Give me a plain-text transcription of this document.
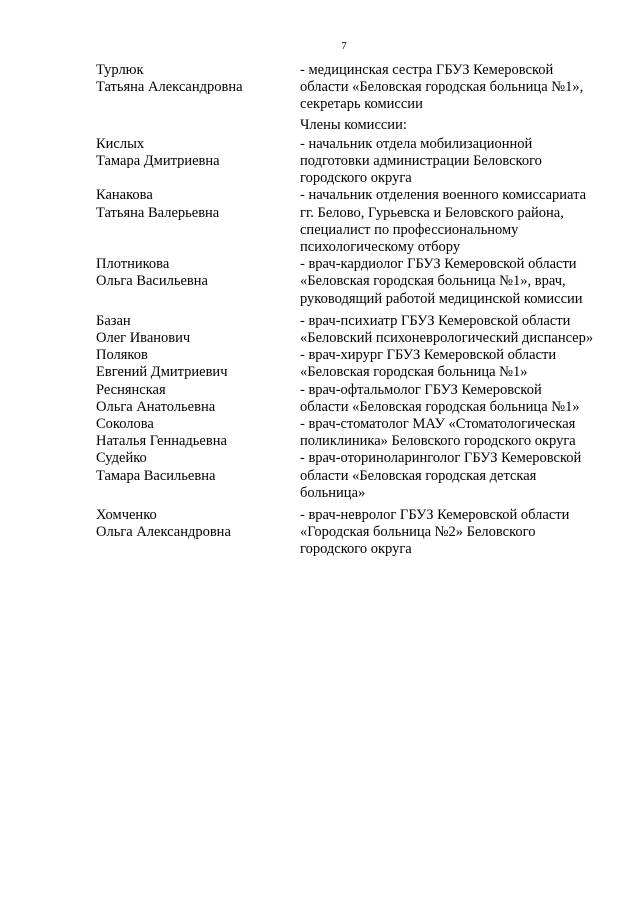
7
Турлюк
Татьяна Александровна
- медицинская сестра ГБУЗ Кемеровской
области «Беловская городская больница №1»,
секретарь комиссии
Члены комиссии:
Кислых
Тамара Дмитриевна
- начальник отдела мобилизационной
подготовки администрации Беловского
городского округа
Канакова
Татьяна Валерьевна
- начальник отделения военного комиссариата
гг. Белово, Гурьевска и Беловского района,
специалист по профессиональному
психологическому отбору
Плотникова
Ольга Васильевна
- врач-кардиолог ГБУЗ Кемеровской области
«Беловская городская больница №1», врач,
руководящий работой медицинской комиссии
Базан
Олег Иванович
- врач-психиатр ГБУЗ Кемеровской области
«Беловский психоневрологический диспансер»
Поляков
Евгений Дмитриевич
- врач-хирург ГБУЗ Кемеровской области
«Беловская городская больница №1»
Реснянская
Ольга Анатольевна
- врач-офтальмолог ГБУЗ Кемеровской
области «Беловская городская больница №1»
Соколова
Наталья Геннадьевна
- врач-стоматолог МАУ «Стоматологическая
поликлиника» Беловского городского округа
Судейко
Тамара Васильевна
- врач-оториноларинголог ГБУЗ Кемеровской
области «Беловская городская детская
больница»
Хомченко
Ольга Александровна
- врач-невролог ГБУЗ Кемеровской области
«Городская больница №2» Беловского
городского округа
